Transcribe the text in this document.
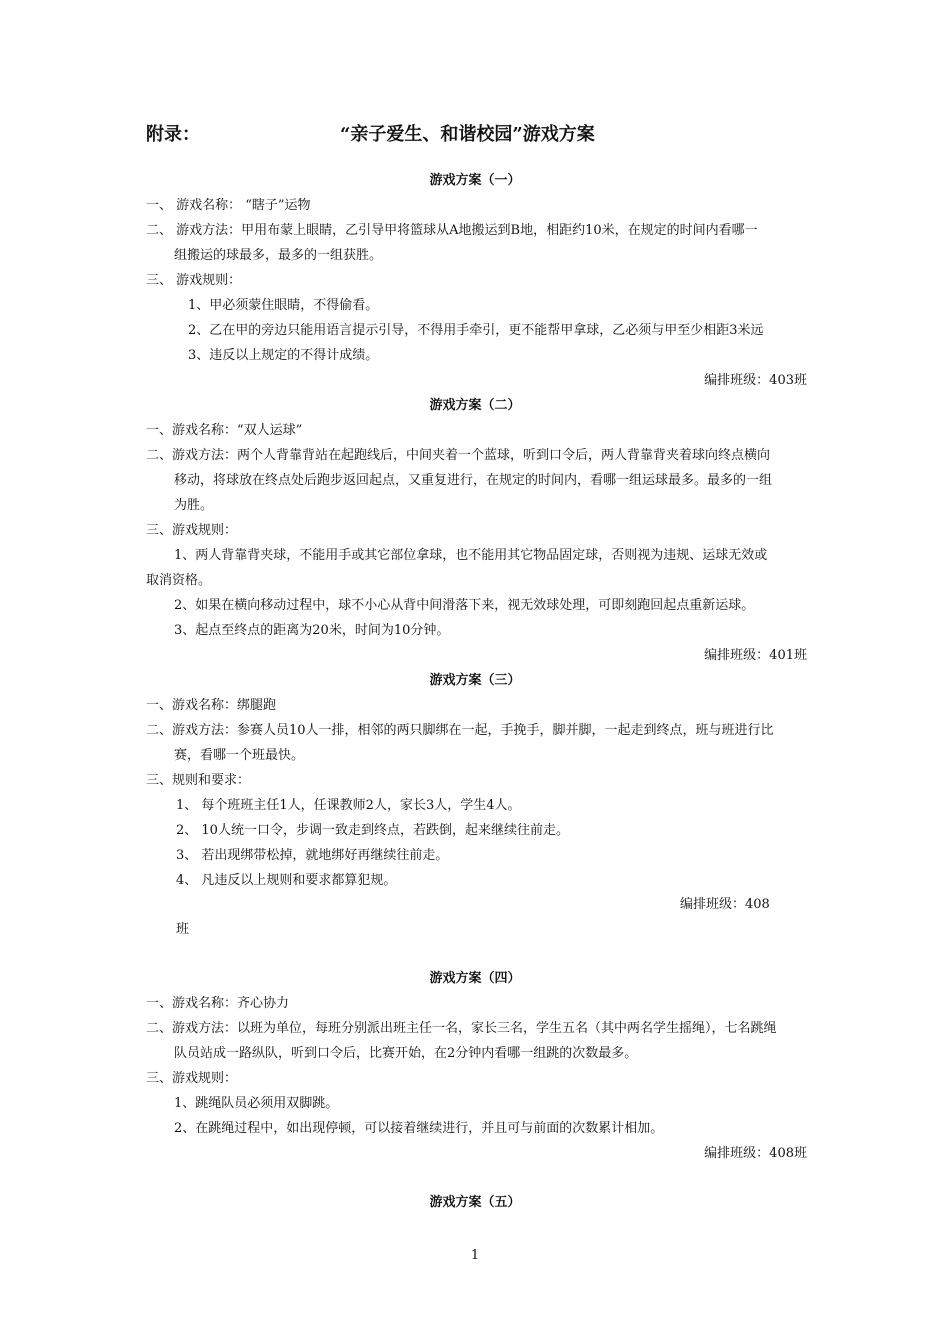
附录：	“亲子爱生、和谐校园”游戏方案
游戏方案（一）
一、 游戏名称： “瞎子”运物
二、 游戏方法：甲用布蒙上眼睛，乙引导甲将篮球从A地搬运到B地，相距约10米，在规定的时间内看哪一
组搬运的球最多，最多的一组获胜。
三、 游戏规则：
1、甲必须蒙住眼睛，不得偷看。
2、乙在甲的旁边只能用语言提示引导，不得用手牵引，更不能帮甲拿球，乙必须与甲至少相距3米远
3、违反以上规定的不得计成绩。
编排班级：403班
游戏方案（二）
一、游戏名称：“双人运球”
二、游戏方法：两个人背靠背站在起跑线后，中间夹着一个蓝球，听到口令后，两人背靠背夹着球向终点横向
移动，将球放在终点处后跑步返回起点，又重复进行，在规定的时间内，看哪一组运球最多。最多的一组
为胜。
三、游戏规则：
1、两人背靠背夹球，不能用手或其它部位拿球，也不能用其它物品固定球，否则视为违规、运球无效或
取消资格。
2、如果在横向移动过程中，球不小心从背中间滑落下来，视无效球处理，可即刻跑回起点重新运球。
3、起点至终点的距离为20米，时间为10分钟。
编排班级：401班
游戏方案（三）
一、游戏名称：绑腿跑
二、游戏方法：参赛人员10人一排，相邻的两只脚绑在一起，手挽手，脚并脚，一起走到终点，班与班进行比
赛，看哪一个班最快。
三、规则和要求：
1、 每个班班主任1人，任课教师2人，家长3人，学生4人。
2、 10人统一口令，步调一致走到终点，若跌倒，起来继续往前走。
3、 若出现绑带松掉，就地绑好再继续往前走。
4、 凡违反以上规则和要求都算犯规。
编排班级：408
班
游戏方案（四）
一、游戏名称：齐心协力
二、游戏方法：以班为单位，每班分别派出班主任一名，家长三名，学生五名（其中两名学生摇绳），七名跳绳
队员站成一路纵队，听到口令后，比赛开始，在2分钟内看哪一组跳的次数最多。
三、游戏规则：
1、跳绳队员必须用双脚跳。
2、在跳绳过程中，如出现停顿，可以接着继续进行，并且可与前面的次数累计相加。
编排班级：408班
游戏方案（五）
1
